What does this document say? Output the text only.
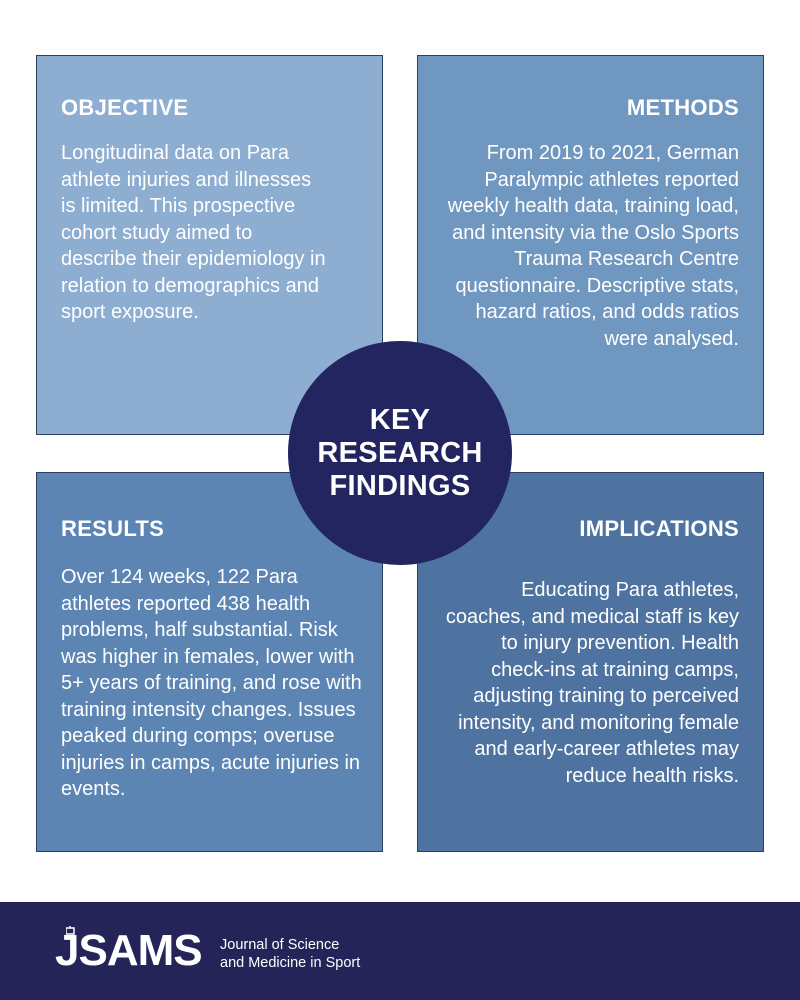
OBJECTIVE

Longitudinal data on Para athlete injuries and illnesses is limited. This prospective cohort study aimed to describe their epidemiology in relation to demographics and sport exposure.

METHODS

From 2019 to 2021, German Paralympic athletes reported weekly health data, training load, and intensity via the Oslo Sports Trauma Research Centre questionnaire. Descriptive stats, hazard ratios, and odds ratios were analysed.

RESULTS

Over 124 weeks, 122 Para athletes reported 438 health problems, half substantial. Risk was higher in females, lower with 5+ years of training, and rose with training intensity changes. Issues peaked during comps; overuse injuries in camps, acute injuries in events.

IMPLICATIONS

Educating Para athletes, coaches, and medical staff is key to injury prevention. Health check-ins at training camps, adjusting training to perceived intensity, and monitoring female and early-career athletes may reduce health risks.

KEY
RESEARCH
FINDINGS
JSAMS Journal of Science
and Medicine in Sport
